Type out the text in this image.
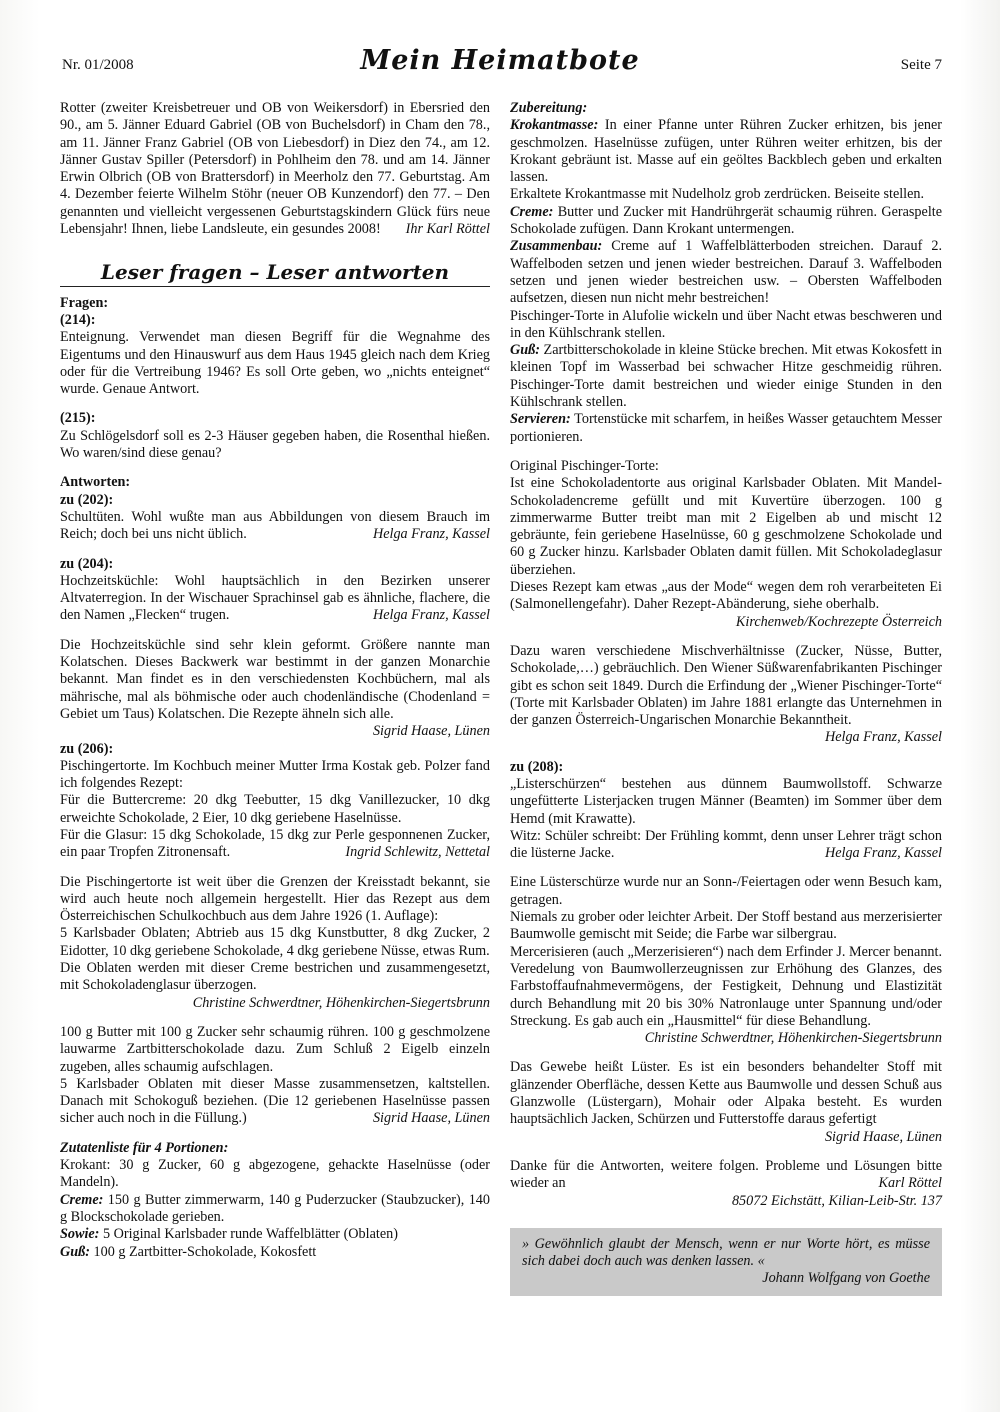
Nr. 01/2008	Mein Heimatbote	Seite 7

Rotter (zweiter Kreisbetreuer und OB von Weikersdorf) in Ebersried den 90., am 5. Jänner Eduard Gabriel (OB von Buchelsdorf) in Cham den 78., am 11. Jänner Franz Gabriel (OB von Liebesdorf) in Diez den 74., am 12. Jänner Gustav Spiller (Petersdorf) in Pohlheim den 78. und am 14. Jänner Erwin Olbrich (OB von Brattersdorf) in Meerholz den 77. Geburtstag. Am 4. Dezember feierte Wilhelm Stöhr (neuer OB Kunzendorf) den 77. – Den genannten und vielleicht vergessenen Geburtstagskindern Glück fürs neue Lebensjahr! Ihnen, liebe Landsleute, ein gesundes 2008!	Ihr Karl Röttel

Leser fragen – Leser antworten

Fragen:

(214):

Enteignung. Verwendet man diesen Begriff für die Wegnahme des Eigentums und den Hinauswurf aus dem Haus 1945 gleich nach dem Krieg oder für die Vertreibung 1946? Es soll Orte geben, wo „nichts enteignet“ wurde. Genaue Antwort.

(215):

Zu Schlögelsdorf soll es 2-3 Häuser gegeben haben, die Rosenthal hießen. Wo waren/sind diese genau?

Antworten:

zu (202):

Schultüten. Wohl wußte man aus Abbildungen von diesem Brauch im Reich; doch bei uns nicht üblich.	Helga Franz, Kassel

zu (204):

Hochzeitsküchle: Wohl hauptsächlich in den Bezirken unserer Altvaterregion. In der Wischauer Sprachinsel gab es ähnliche, flachere, die den Namen „Flecken“ trugen.	Helga Franz, Kassel

Die Hochzeitsküchle sind sehr klein geformt. Größere nannte man Kolatschen. Dieses Backwerk war bestimmt in der ganzen Monarchie bekannt. Man findet es in den verschiedensten Kochbüchern, mal als mährische, mal als böhmische oder auch chodenländische (Chodenland = Gebiet um Taus) Kolatschen. Die Rezepte ähneln sich alle.

Sigrid Haase, Lünen

zu (206):

Pischingertorte. Im Kochbuch meiner Mutter Irma Kostak geb. Polzer fand ich folgendes Rezept:

Für die Buttercreme: 20 dkg Teebutter, 15 dkg Vanillezucker, 10 dkg erweichte Schokolade, 2 Eier, 10 dkg geriebene Haselnüsse.

Für die Glasur: 15 dkg Schokolade, 15 dkg zur Perle gesponnenen Zucker, ein paar Tropfen Zitronensaft.	Ingrid Schlewitz, Nettetal

Die Pischingertorte ist weit über die Grenzen der Kreisstadt bekannt, sie wird auch heute noch allgemein hergestellt. Hier das Rezept aus dem Österreichischen Schulkochbuch aus dem Jahre 1926 (1. Auflage):

5 Karlsbader Oblaten; Abtrieb aus 15 dkg Kunstbutter, 8 dkg Zucker, 2 Eidotter, 10 dkg geriebene Schokolade, 4 dkg geriebene Nüsse, etwas Rum.

Die Oblaten werden mit dieser Creme bestrichen und zusammengesetzt, mit Schokoladenglasur überzogen.

Christine Schwerdtner, Höhenkirchen-Siegertsbrunn

100 g Butter mit 100 g Zucker sehr schaumig rühren. 100 g geschmolzene lauwarme Zartbitterschokolade dazu. Zum Schluß 2 Eigelb einzeln zugeben, alles schaumig aufschlagen.

5 Karlsbader Oblaten mit dieser Masse zusammensetzen, kaltstellen. Danach mit Schokoguß beziehen. (Die 12 geriebenen Haselnüsse passen sicher auch noch in die Füllung.)	Sigrid Haase, Lünen

Zutatenliste für 4 Portionen:

Krokant: 30 g Zucker, 60 g abgezogene, gehackte Haselnüsse (oder Mandeln).

Creme: 150 g Butter zimmerwarm, 140 g Puderzucker (Staubzucker), 140 g Blockschokolade gerieben.

Sowie: 5 Original Karlsbader runde Waffelblätter (Oblaten)

Guß: 100 g Zartbitter-Schokolade, Kokosfett

Zubereitung:

Krokantmasse: In einer Pfanne unter Rühren Zucker erhitzen, bis jener geschmolzen. Haselnüsse zufügen, unter Rühren weiter erhitzen, bis der Krokant gebräunt ist. Masse auf ein geöltes Backblech geben und erkalten lassen.

Erkaltete Krokantmasse mit Nudelholz grob zerdrücken. Beiseite stellen.

Creme: Butter und Zucker mit Handrührgerät schaumig rühren. Geraspelte Schokolade zufügen. Dann Krokant untermengen.

Zusammenbau: Creme auf 1 Waffelblätterboden streichen. Darauf 2. Waffelboden setzen und jenen wieder bestreichen. Darauf 3. Waffelboden setzen und jenen wieder bestreichen usw. – Obersten Waffelboden aufsetzen, diesen nun nicht mehr bestreichen!

Pischinger-Torte in Alufolie wickeln und über Nacht etwas beschweren und in den Kühlschrank stellen.

Guß: Zartbitterschokolade in kleine Stücke brechen. Mit etwas Kokosfett in kleinen Topf im Wasserbad bei schwacher Hitze geschmeidig rühren. Pischinger-Torte damit bestreichen und wieder einige Stunden in den Kühlschrank stellen.

Servieren: Tortenstücke mit scharfem, in heißes Wasser getauchtem Messer portionieren.

Original Pischinger-Torte:

Ist eine Schokoladentorte aus original Karlsbader Oblaten. Mit Mandel-Schokoladencreme gefüllt und mit Kuvertüre überzogen. 100 g zimmerwarme Butter treibt man mit 2 Eigelben ab und mischt 12 gebräunte, fein geriebene Haselnüsse, 60 g geschmolzene Schokolade und 60 g Zucker hinzu. Karlsbader Oblaten damit füllen. Mit Schokoladeglasur überziehen.

Dieses Rezept kam etwas „aus der Mode“ wegen dem roh verarbeiteten Ei (Salmonellengefahr). Daher Rezept-Abänderung, siehe oberhalb.
Kirchenweb/Kochrezepte Österreich

Dazu waren verschiedene Mischverhältnisse (Zucker, Nüsse, Butter, Schokolade,…) gebräuchlich. Den Wiener Süßwarenfabrikanten Pischinger gibt es schon seit 1849. Durch die Erfindung der „Wiener Pischinger-Torte“ (Torte mit Karlsbader Oblaten) im Jahre 1881 erlangte das Unternehmen in der ganzen Österreich-Ungarischen Monarchie Bekanntheit.
Helga Franz, Kassel

zu (208):

„Listerschürzen“ bestehen aus dünnem Baumwollstoff. Schwarze ungefütterte Listerjacken trugen Männer (Beamten) im Sommer über dem Hemd (mit Krawatte).

Witz: Schüler schreibt: Der Frühling kommt, denn unser Lehrer trägt schon die lüsterne Jacke.	Helga Franz, Kassel

Eine Lüsterschürze wurde nur an Sonn-/Feiertagen oder wenn Besuch kam, getragen.

Niemals zu grober oder leichter Arbeit. Der Stoff bestand aus merzerisierter Baumwolle gemischt mit Seide; die Farbe war silbergrau.

Mercerisieren (auch „Merzerisieren“) nach dem Erfinder J. Mercer benannt. Veredelung von Baumwollerzeugnissen zur Erhöhung des Glanzes, des Farbstoffaufnahmevermögens, der Festigkeit, Dehnung und Elastizität durch Behandlung mit 20 bis 30% Natronlauge unter Spannung und/oder Streckung. Es gab auch ein „Hausmittel“ für diese Behandlung.

Christine Schwerdtner, Höhenkirchen-Siegertsbrunn

Das Gewebe heißt Lüster. Es ist ein besonders behandelter Stoff mit glänzender Oberfläche, dessen Kette aus Baumwolle und dessen Schuß aus Glanzwolle (Lüstergarn), Mohair oder Alpaka besteht. Es wurden hauptsächlich Jacken, Schürzen und Futterstoffe daraus gefertigt
Sigrid Haase, Lünen

Danke für die Antworten, weitere folgen. Probleme und Lösungen bitte wieder an	Karl Röttel

85072 Eichstätt, Kilian-Leib-Str. 137

» Gewöhnlich glaubt der Mensch, wenn er nur Worte hört, es müsse sich dabei doch auch was denken lassen. «

Johann Wolfgang von Goethe
